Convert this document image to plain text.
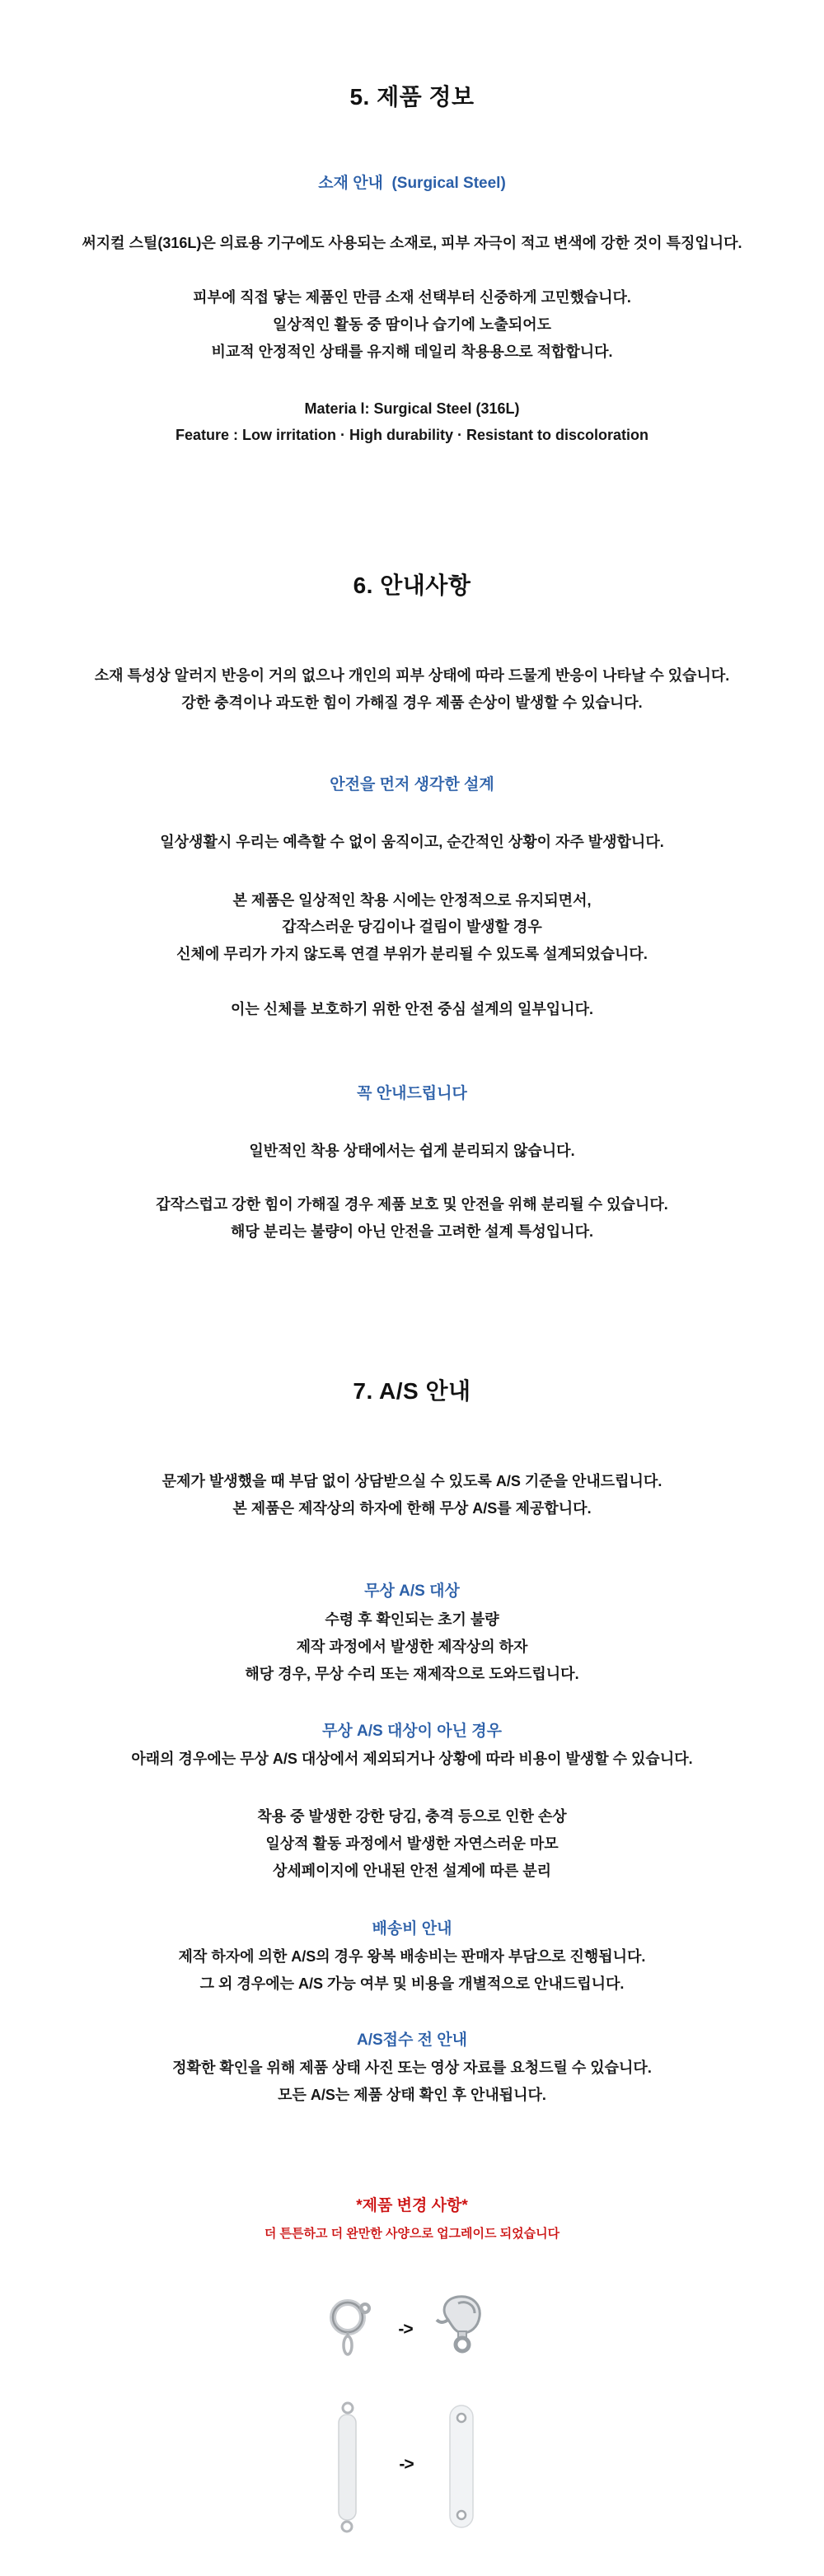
5. 제품 정보
소재 안내  (Surgical Steel)
써지컬 스틸(316L)은 의료용 기구에도 사용되는 소재로, 피부 자극이 적고 변색에 강한 것이 특징입니다.
피부에 직접 닿는 제품인 만큼 소재 선택부터 신중하게 고민했습니다.
일상적인 활동 중 땀이나 습기에 노출되어도
비교적 안정적인 상태를 유지해 데일리 착용용으로 적합합니다.
Materia l: Surgical Steel (316L)
Feature : Low irritation · High durability · Resistant to discoloration
6. 안내사항
소재 특성상 알러지 반응이 거의 없으나 개인의 피부 상태에 따라 드물게 반응이 나타날 수 있습니다.
강한 충격이나 과도한 힘이 가해질 경우 제품 손상이 발생할 수 있습니다.
안전을 먼저 생각한 설계
일상생활시 우리는 예측할 수 없이 움직이고, 순간적인 상황이 자주 발생합니다.
본 제품은 일상적인 착용 시에는 안정적으로 유지되면서,
갑작스러운 당김이나 걸림이 발생할 경우
신체에 무리가 가지 않도록 연결 부위가 분리될 수 있도록 설계되었습니다.
이는 신체를 보호하기 위한 안전 중심 설계의 일부입니다.
꼭 안내드립니다
일반적인 착용 상태에서는 쉽게 분리되지 않습니다.
갑작스럽고 강한 힘이 가해질 경우 제품 보호 및 안전을 위해 분리될 수 있습니다.
해당 분리는 불량이 아닌 안전을 고려한 설계 특성입니다.
7. A/S 안내
문제가 발생했을 때 부담 없이 상담받으실 수 있도록 A/S 기준을 안내드립니다.
본 제품은 제작상의 하자에 한해 무상 A/S를 제공합니다.
무상 A/S 대상
수령 후 확인되는 초기 불량
제작 과정에서 발생한 제작상의 하자
해당 경우, 무상 수리 또는 재제작으로 도와드립니다.
무상 A/S 대상이 아닌 경우
아래의 경우에는 무상 A/S 대상에서 제외되거나 상황에 따라 비용이 발생할 수 있습니다.
착용 중 발생한 강한 당김, 충격 등으로 인한 손상
일상적 활동 과정에서 발생한 자연스러운 마모
상세페이지에 안내된 안전 설계에 따른 분리
배송비 안내
제작 하자에 의한 A/S의 경우 왕복 배송비는 판매자 부담으로 진행됩니다.
그 외 경우에는 A/S 가능 여부 및 비용을 개별적으로 안내드립니다.
A/S접수 전 안내
정확한 확인을 위해 제품 상태 사진 또는 영상 자료를 요청드릴 수 있습니다.
모든 A/S는 제품 상태 확인 후 안내됩니다.
*제품 변경 사항*
더 튼튼하고 더 완만한 사양으로 업그레이드 되었습니다
->
->
